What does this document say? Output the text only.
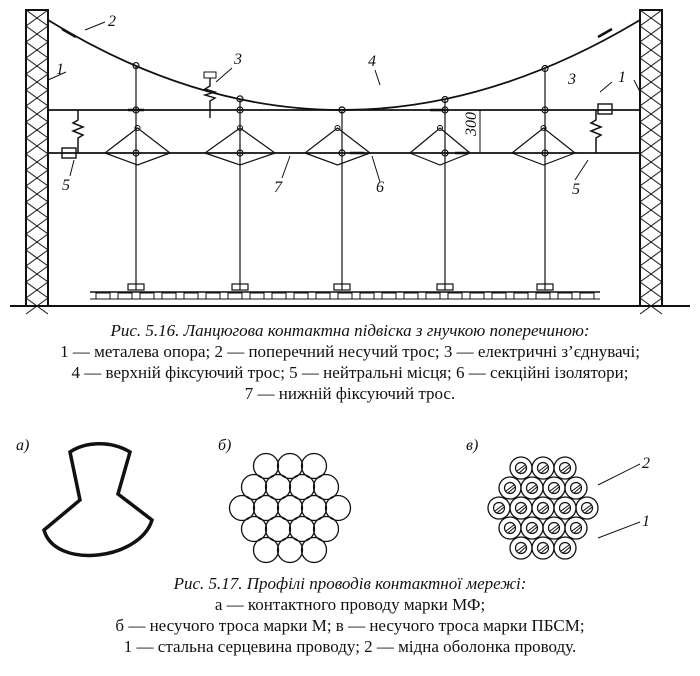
300
1
2
3	4
1
3
5	5
6
7
Рис. 5.16. Ланцюгова контактна підвіска з гнучкою поперечиною:
1 — металева опора; 2 — поперечний несучий трос; 3 — електричні з’єднувачі;
4 — верхній фіксуючий трос; 5 — нейтральні місця; 6 — секційні ізолятори;
7 — нижній фіксуючий трос.
а)	б)	в)
2
1
Рис. 5.17. Профілі проводів контактної мережі:
а — контактного проводу марки МФ;
б — несучого троса марки М; в — несучого троса марки ПБСМ;
1 — стальна серцевина проводу; 2 — мідна оболонка проводу.
